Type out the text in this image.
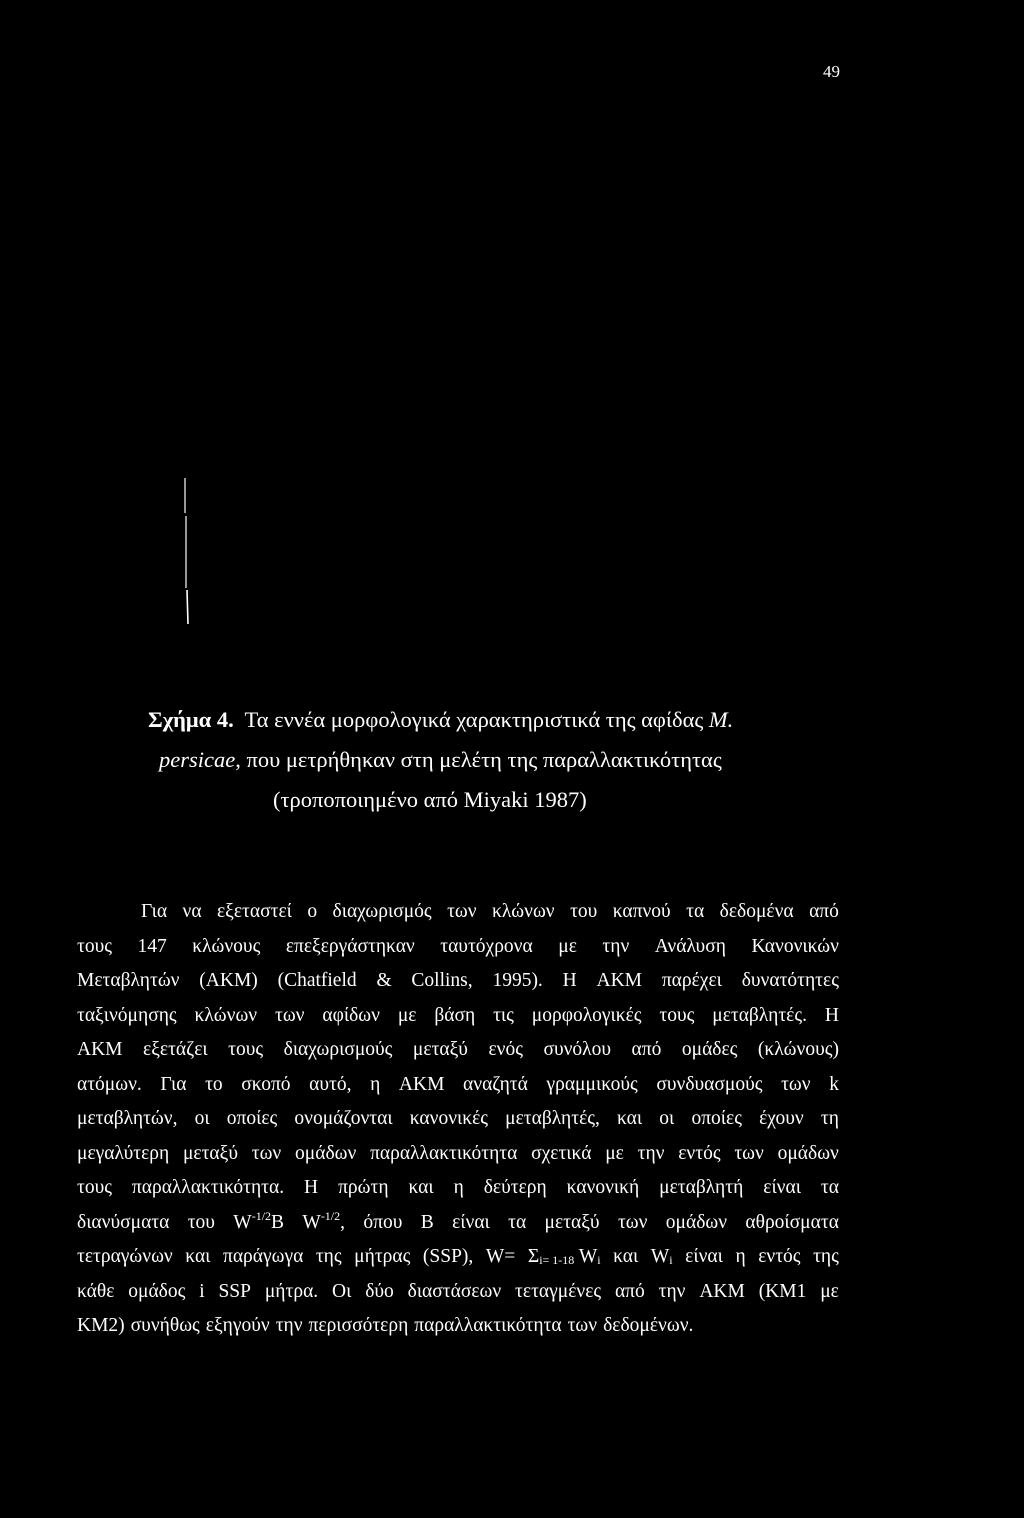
49
Σχήμα 4. Τα εννέα μορφολογικά χαρακτηριστικά της αφίδας M.
persicae, που μετρήθηκαν στη μελέτη της παραλλακτικότητας
(τροποποιημένο από Miyaki 1987)
Για να εξεταστεί ο διαχωρισμός των κλώνων του καπνού τα δεδομένα από
τους 147 κλώνους επεξεργάστηκαν ταυτόχρονα με την Ανάλυση Κανονικών
Μεταβλητών (ΑΚΜ) (Chatfield & Collins, 1995). Η ΑΚΜ παρέχει δυνατότητες
ταξινόμησης κλώνων των αφίδων με βάση τις μορφολογικές τους μεταβλητές. Η
ΑΚΜ εξετάζει τους διαχωρισμούς μεταξύ ενός συνόλου από ομάδες (κλώνους)
ατόμων. Για το σκοπό αυτό, η ΑΚΜ αναζητά γραμμικούς συνδυασμούς των k
μεταβλητών, οι οποίες ονομάζονται κανονικές μεταβλητές, και οι οποίες έχουν τη
μεγαλύτερη μεταξύ των ομάδων παραλλακτικότητα σχετικά με την εντός των ομάδων
τους παραλλακτικότητα. Η πρώτη και η δεύτερη κανονική μεταβλητή είναι τα
διανύσματα του $W^{-1/2}B$ $W^{-1/2}$, όπου Β είναι τα μεταξύ των ομάδων αθροίσματα
τετραγώνων και παράγωγα της μήτρας (SSP), $W= \Sigma_{i= 1-18}$ $W_i$ και $W_i$ είναι η εντός της
κάθε ομάδος i SSP μήτρα. Οι δύο διαστάσεων τεταγμένες από την ΑΚΜ (ΚΜ1 με
ΚΜ2) συνήθως εξηγούν την περισσότερη παραλλακτικότητα των δεδομένων.
